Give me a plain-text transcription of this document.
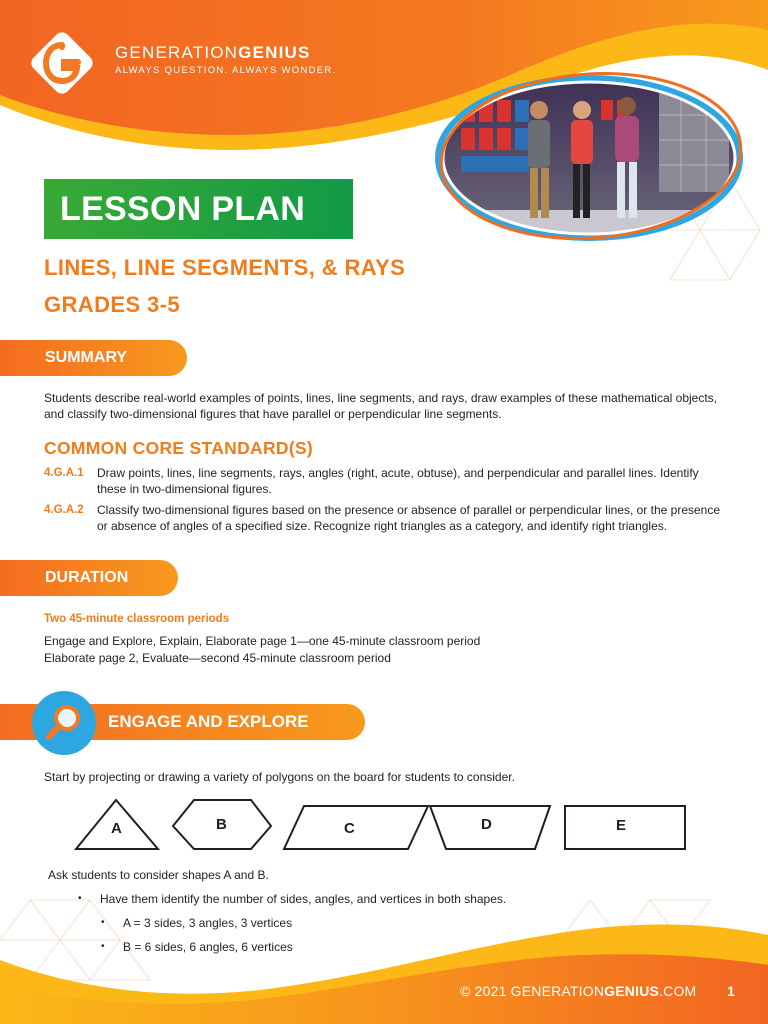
GENERATIONGENIUS
ALWAYS QUESTION. ALWAYS WONDER.
LESSON PLAN
LINES, LINE SEGMENTS, & RAYS
GRADES 3-5
SUMMARY
Students describe real-world examples of points, lines, line segments, and rays, draw examples of these mathematical objects, and classify two-dimensional figures that have parallel or perpendicular line segments.
COMMON CORE STANDARD(S)
4.G.A.1 Draw points, lines, line segments, rays, angles (right, acute, obtuse), and perpendicular and parallel lines. Identify these in two-dimensional figures.
4.G.A.2 Classify two-dimensional figures based on the presence or absence of parallel or perpendicular lines, or the presence or absence of angles of a specified size. Recognize right triangles as a category, and identify right triangles.
DURATION
Two 45-minute classroom periods
Engage and Explore, Explain, Elaborate page 1—one 45-minute classroom period
Elaborate page 2, Evaluate—second 45-minute classroom period
ENGAGE AND EXPLORE
Start by projecting or drawing a variety of polygons on the board for students to consider.
A	B	C	D	E
Ask students to consider shapes A and B.
• Have them identify the number of sides, angles, and vertices in both shapes.
• A = 3 sides, 3 angles, 3 vertices
• B = 6 sides, 6 angles, 6 vertices
© 2021 GENERATIONGENIUS.COM 1
